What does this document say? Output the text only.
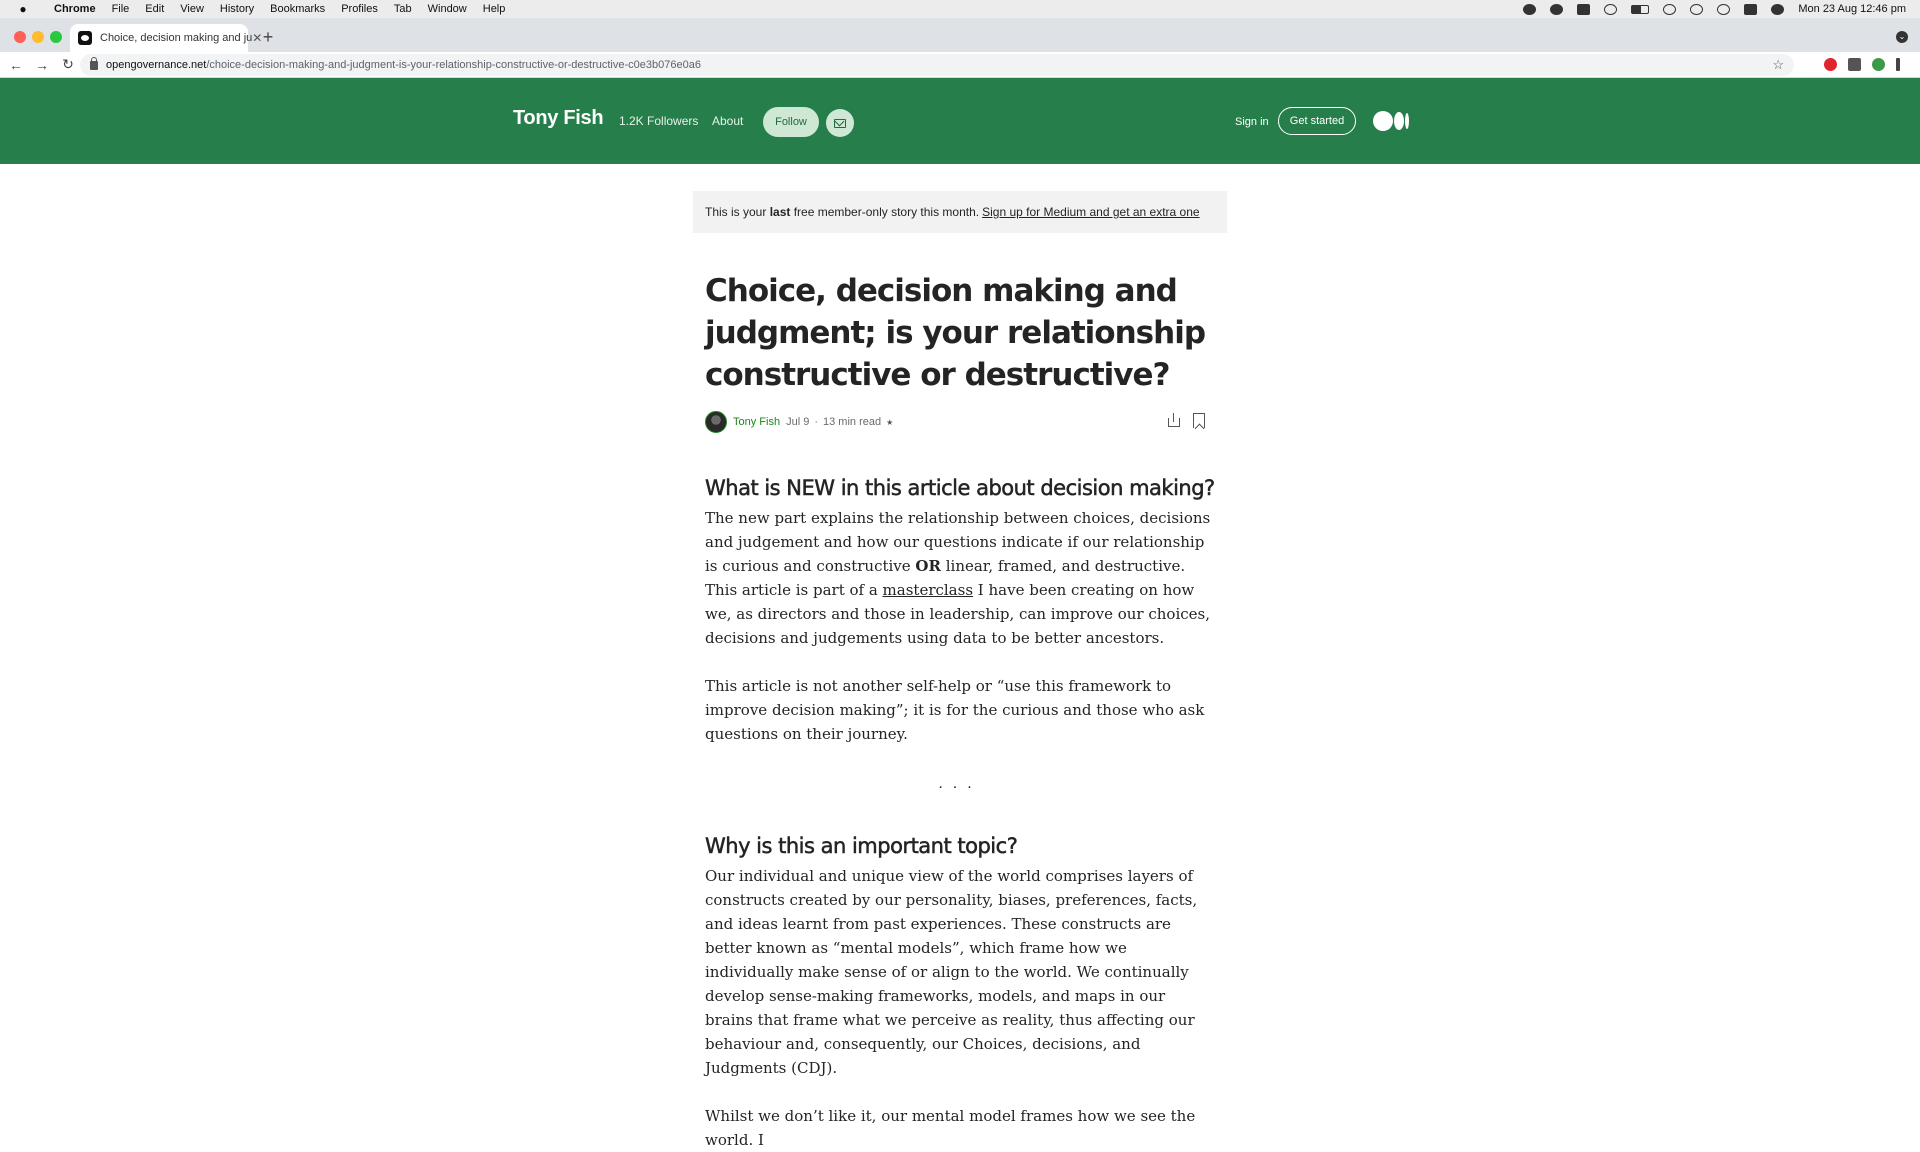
●	Chrome File Edit View History Bookmarks Profiles Tab Window Help	Mon 23 Aug 12:46 pm
Choice, decision making and ju ✕ +	⌄
← → ↻	opengovernance.net /choice-decision-making-and-judgment-is-your-relationship-constructive-or-destructive-c0e3b076e0a6	☆
Tony Fish 1.2K Followers About	Follow	Sign in	Get started
This is your last free member-only story this month. Sign up for Medium and get an extra one
Choice, decision making and judgment; is your relationship constructive or destructive?
Tony Fish Jul 9 · 13 min read ★
What is NEW in this article about decision making?

The new part explains the relationship between choices, decisions and judgement and how our questions indicate if our relationship is curious and constructive OR linear, framed, and destructive. This article is part of a masterclass I have been creating on how we, as directors and those in leadership, can improve our choices, decisions and judgements using data to be better ancestors.

This article is not another self-help or “use this framework to improve decision making”; it is for the curious and those who ask questions on their journey.

...
Why is this an important topic?

Our individual and unique view of the world comprises layers of constructs created by our personality, biases, preferences, facts, and ideas learnt from past experiences. These constructs are better known as “mental models”, which frame how we individually make sense of or align to the world. We continually develop sense-making frameworks, models, and maps in our brains that frame what we perceive as reality, thus affecting our behaviour and, consequently, our Choices, decisions, and Judgments (CDJ).

Whilst we don’t like it, our mental model frames how we see the world. I
